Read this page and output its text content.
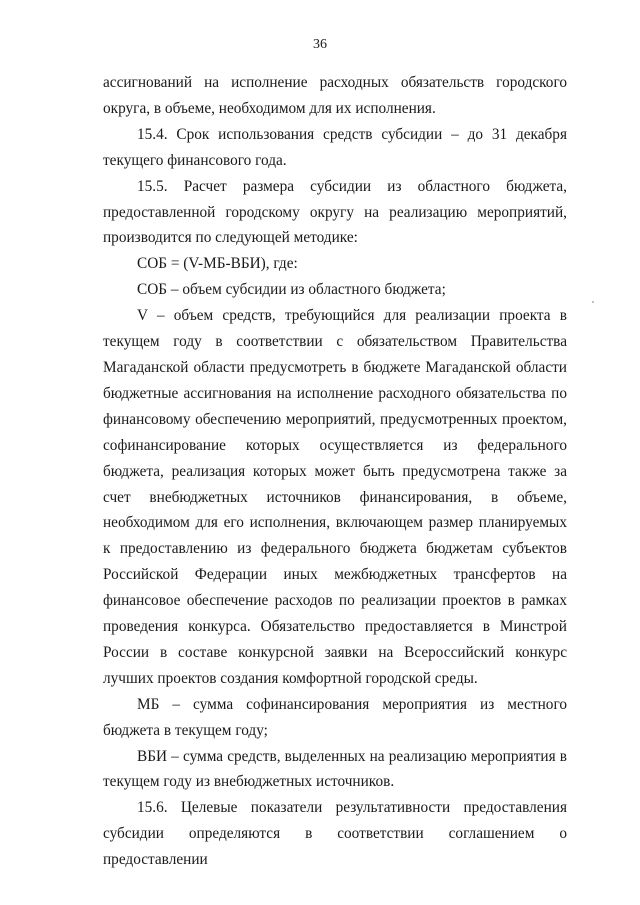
36

ассигнований на исполнение расходных обязательств городского округа, в объеме, необходимом для их исполнения.

15.4. Срок использования средств субсидии – до 31 декабря текущего финансового года.

15.5. Расчет размера субсидии из областного бюджета, предоставленной городскому округу на реализацию мероприятий, производится по следующей методике:

СОБ = (V-МБ-ВБИ), где:

СОБ – объем субсидии из областного бюджета;

V – объем средств, требующийся для реализации проекта в текущем году в соответствии с обязательством Правительства Магаданской области предусмотреть в бюджете Магаданской области бюджетные ассигнования на исполнение расходного обязательства по финансовому обеспечению мероприятий, предусмотренных проектом, софинансирование которых осуществляется из федерального бюджета, реализация которых может быть предусмотрена также за счет внебюджетных источников финансирования, в объеме, необходимом для его исполнения, включающем размер планируемых к предоставлению из федерального бюджета бюджетам субъектов Российской Федерации иных межбюджетных трансфертов на финансовое обеспечение расходов по реализации проектов в рамках проведения конкурса. Обязательство предоставляется в Минстрой России в составе конкурсной заявки на Всероссийский конкурс лучших проектов создания комфортной городской среды.

МБ – сумма софинансирования мероприятия из местного бюджета в текущем году;

ВБИ – сумма средств, выделенных на реализацию мероприятия в текущем году из внебюджетных источников.

15.6. Целевые показатели результативности предоставления субсидии определяются в соответствии соглашением о предоставлении
